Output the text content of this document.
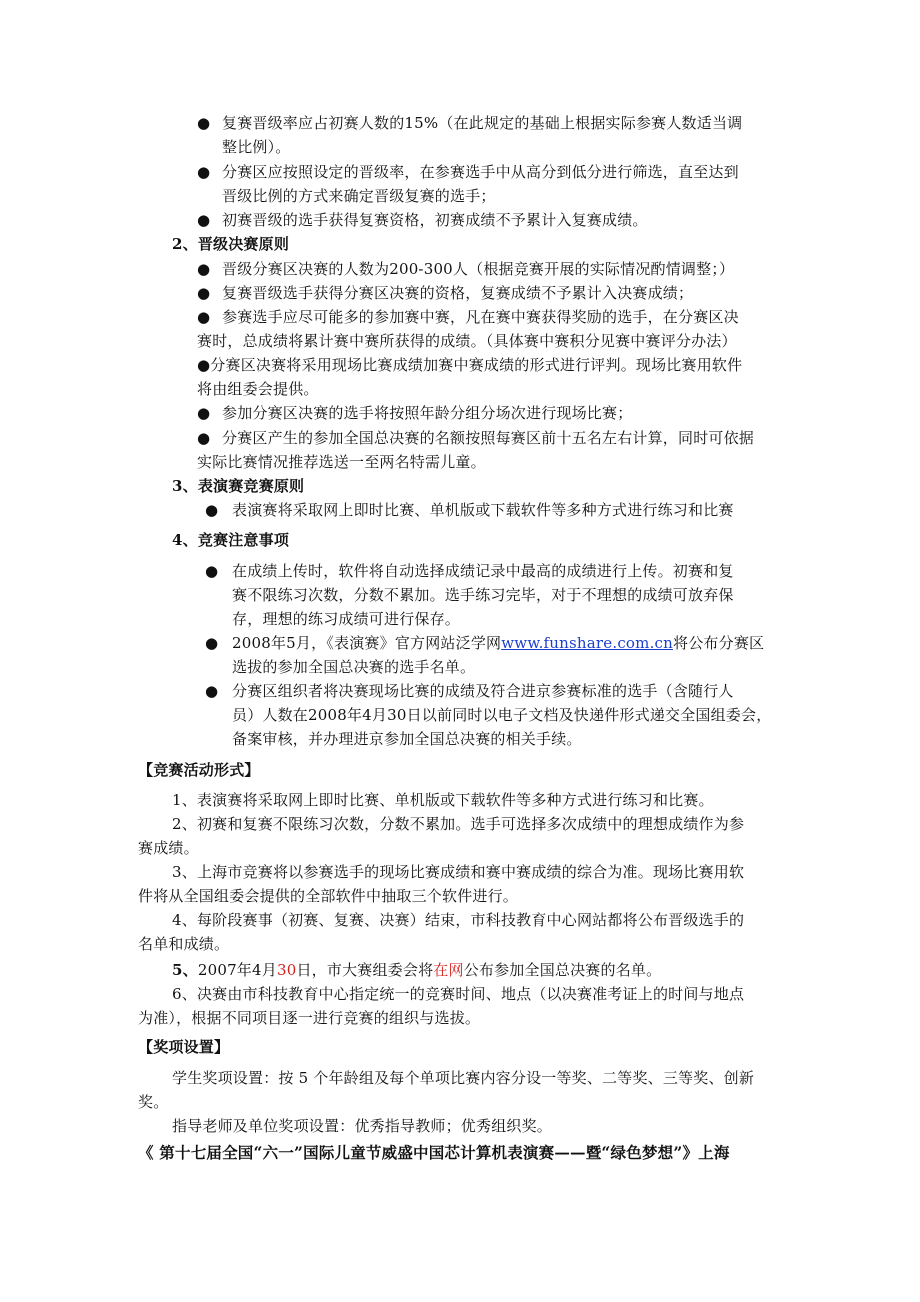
● 复赛晋级率应占初赛人数的15%（在此规定的基础上根据实际参赛人数适当调
整比例）。
● 分赛区应按照设定的晋级率，在参赛选手中从高分到低分进行筛选，直至达到
晋级比例的方式来确定晋级复赛的选手；
● 初赛晋级的选手获得复赛资格，初赛成绩不予累计入复赛成绩。
2、晋级决赛原则
● 晋级分赛区决赛的人数为200-300人（根据竞赛开展的实际情况酌情调整；）
● 复赛晋级选手获得分赛区决赛的资格，复赛成绩不予累计入决赛成绩；
● 参赛选手应尽可能多的参加赛中赛，凡在赛中赛获得奖励的选手，在分赛区决
赛时，总成绩将累计赛中赛所获得的成绩。（具体赛中赛积分见赛中赛评分办法）
●分赛区决赛将采用现场比赛成绩加赛中赛成绩的形式进行评判。现场比赛用软件
将由组委会提供。
● 参加分赛区决赛的选手将按照年龄分组分场次进行现场比赛；
● 分赛区产生的参加全国总决赛的名额按照每赛区前十五名左右计算，同时可依据
实际比赛情况推荐选送一至两名特需儿童。
3、表演赛竞赛原则
● 表演赛将采取网上即时比赛、单机版或下载软件等多种方式进行练习和比赛
4、竞赛注意事项
● 在成绩上传时，软件将自动选择成绩记录中最高的成绩进行上传。初赛和复
赛不限练习次数，分数不累加。选手练习完毕，对于不理想的成绩可放弃保
存，理想的练习成绩可进行保存。
● 2008年5月，《表演赛》官方网站泛学网www.funshare.com.cn将公布分赛区
选拔的参加全国总决赛的选手名单。
● 分赛区组织者将决赛现场比赛的成绩及符合进京参赛标准的选手（含随行人
员）人数在2008年4月30日以前同时以电子文档及快递件形式递交全国组委会，
备案审核，并办理进京参加全国总决赛的相关手续。
【竞赛活动形式】
1、表演赛将采取网上即时比赛、单机版或下载软件等多种方式进行练习和比赛。
2、初赛和复赛不限练习次数，分数不累加。选手可选择多次成绩中的理想成绩作为参
赛成绩。
3、上海市竞赛将以参赛选手的现场比赛成绩和赛中赛成绩的综合为准。现场比赛用软
件将从全国组委会提供的全部软件中抽取三个软件进行。
4、每阶段赛事（初赛、复赛、决赛）结束，市科技教育中心网站都将公布晋级选手的
名单和成绩。
5、2007年4月30日，市大赛组委会将在网公布参加全国总决赛的名单。
6、决赛由市科技教育中心指定统一的竞赛时间、地点（以决赛准考证上的时间与地点
为准），根据不同项目逐一进行竞赛的组织与选拔。
【奖项设置】
学生奖项设置：按 5 个年龄组及每个单项比赛内容分设一等奖、二等奖、三等奖、创新
奖。
指导老师及单位奖项设置：优秀指导教师；优秀组织奖。
《 第十七届全国“六一”国际儿童节威盛中国芯计算机表演赛——暨“绿色梦想”》上海
